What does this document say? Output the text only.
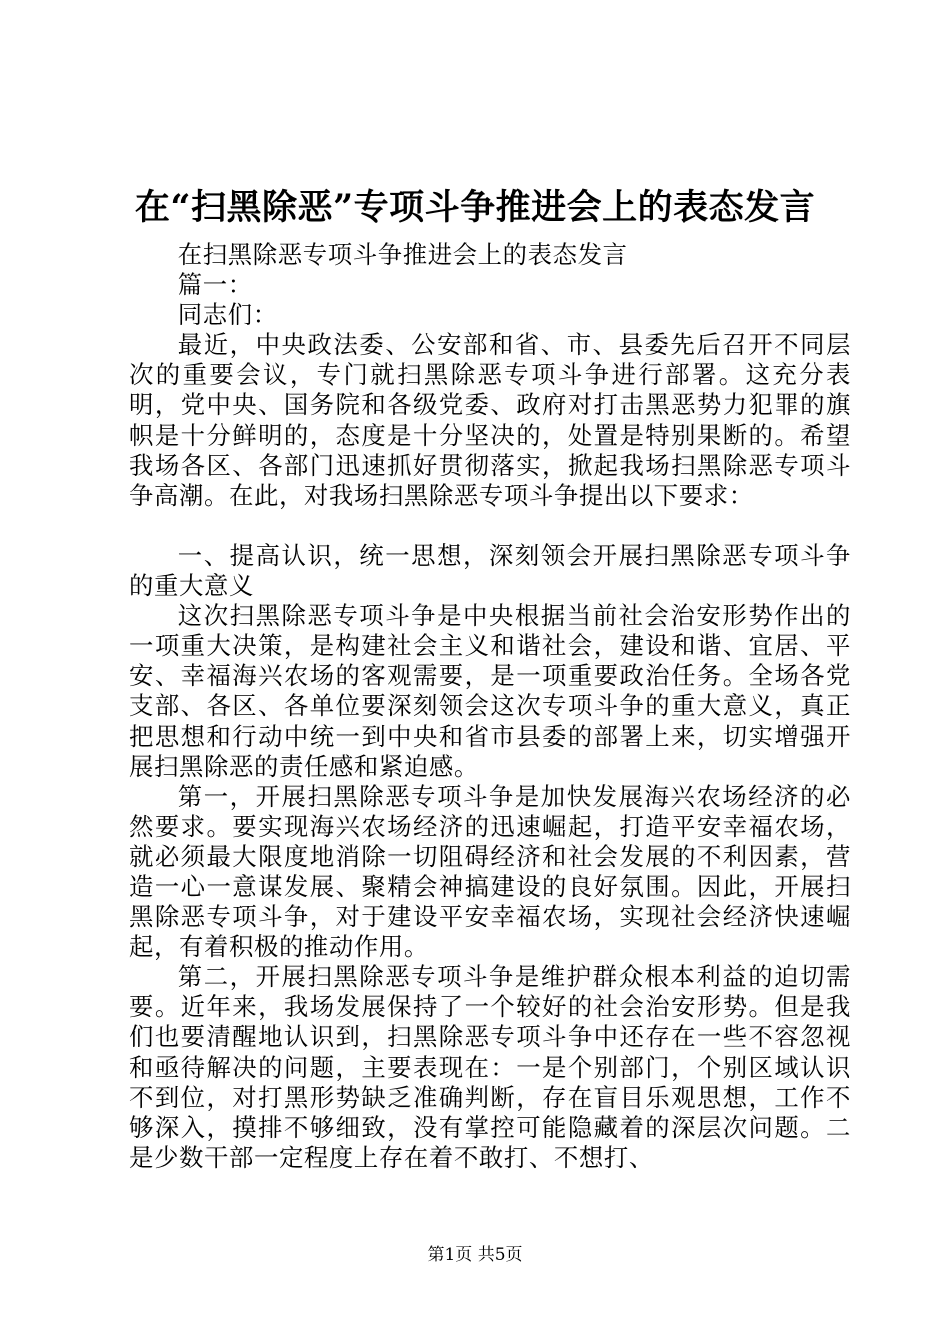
在“扫黑除恶”专项斗争推进会上的表态发言

在扫黑除恶专项斗争推进会上的表态发言

篇一：

同志们：

最近，中央政法委、公安部和省、市、县委先后召开不同层次的重要会议，专门就扫黑除恶专项斗争进行部署。这充分表明，党中央、国务院和各级党委、政府对打击黑恶势力犯罪的旗帜是十分鲜明的，态度是十分坚决的，处置是特别果断的。希望我场各区、各部门迅速抓好贯彻落实，掀起我场扫黑除恶专项斗争高潮。在此，对我场扫黑除恶专项斗争提出以下要求：

一、提高认识，统一思想，深刻领会开展扫黑除恶专项斗争的重大意义

这次扫黑除恶专项斗争是中央根据当前社会治安形势作出的一项重大决策，是构建社会主义和谐社会，建设和谐、宜居、平安、幸福海兴农场的客观需要，是一项重要政治任务。全场各党支部、各区、各单位要深刻领会这次专项斗争的重大意义，真正把思想和行动中统一到中央和省市县委的部署上来，切实增强开展扫黑除恶的责任感和紧迫感。

第一，开展扫黑除恶专项斗争是加快发展海兴农场经济的必然要求。要实现海兴农场经济的迅速崛起，打造平安幸福农场，就必须最大限度地消除一切阻碍经济和社会发展的不利因素，营造一心一意谋发展、聚精会神搞建设的良好氛围。因此，开展扫黑除恶专项斗争，对于建设平安幸福农场，实现社会经济快速崛起，有着积极的推动作用。

第二，开展扫黑除恶专项斗争是维护群众根本利益的迫切需要。近年来，我场发展保持了一个较好的社会治安形势。但是我们也要清醒地认识到，扫黑除恶专项斗争中还存在一些不容忽视和亟待解决的问题，主要表现在：一是个别部门，个别区域认识不到位，对打黑形势缺乏准确判断，存在盲目乐观思想，工作不够深入，摸排不够细致，没有掌控可能隐藏着的深层次问题。二是少数干部一定程度上存在着不敢打、不想打、

第1页 共5页
